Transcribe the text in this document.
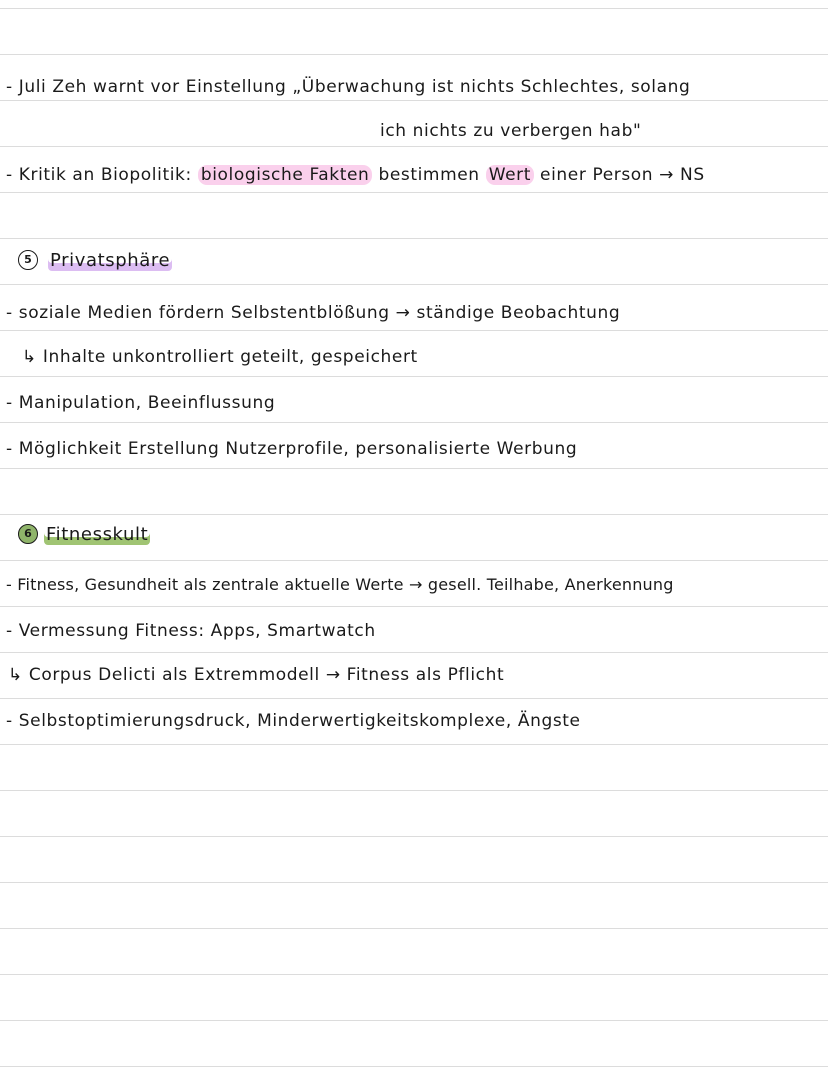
- Juli Zeh warnt vor Einstellung „Überwachung ist nichts Schlechtes, solang
ich nichts zu verbergen hab"
- Kritik an Biopolitik: biologische Fakten bestimmen Wert einer Person → NS
5	Privatsphäre
- soziale Medien fördern Selbstentblößung → ständige Beobachtung
↳ Inhalte unkontrolliert geteilt, gespeichert
- Manipulation, Beeinflussung
- Möglichkeit Erstellung Nutzerprofile, personalisierte Werbung
6 Fitnesskult
- Fitness, Gesundheit als zentrale aktuelle Werte → gesell. Teilhabe, Anerkennung
- Vermessung Fitness: Apps, Smartwatch
↳ Corpus Delicti als Extremmodell → Fitness als Pflicht
- Selbstoptimierungsdruck, Minderwertigkeitskomplexe, Ängste
